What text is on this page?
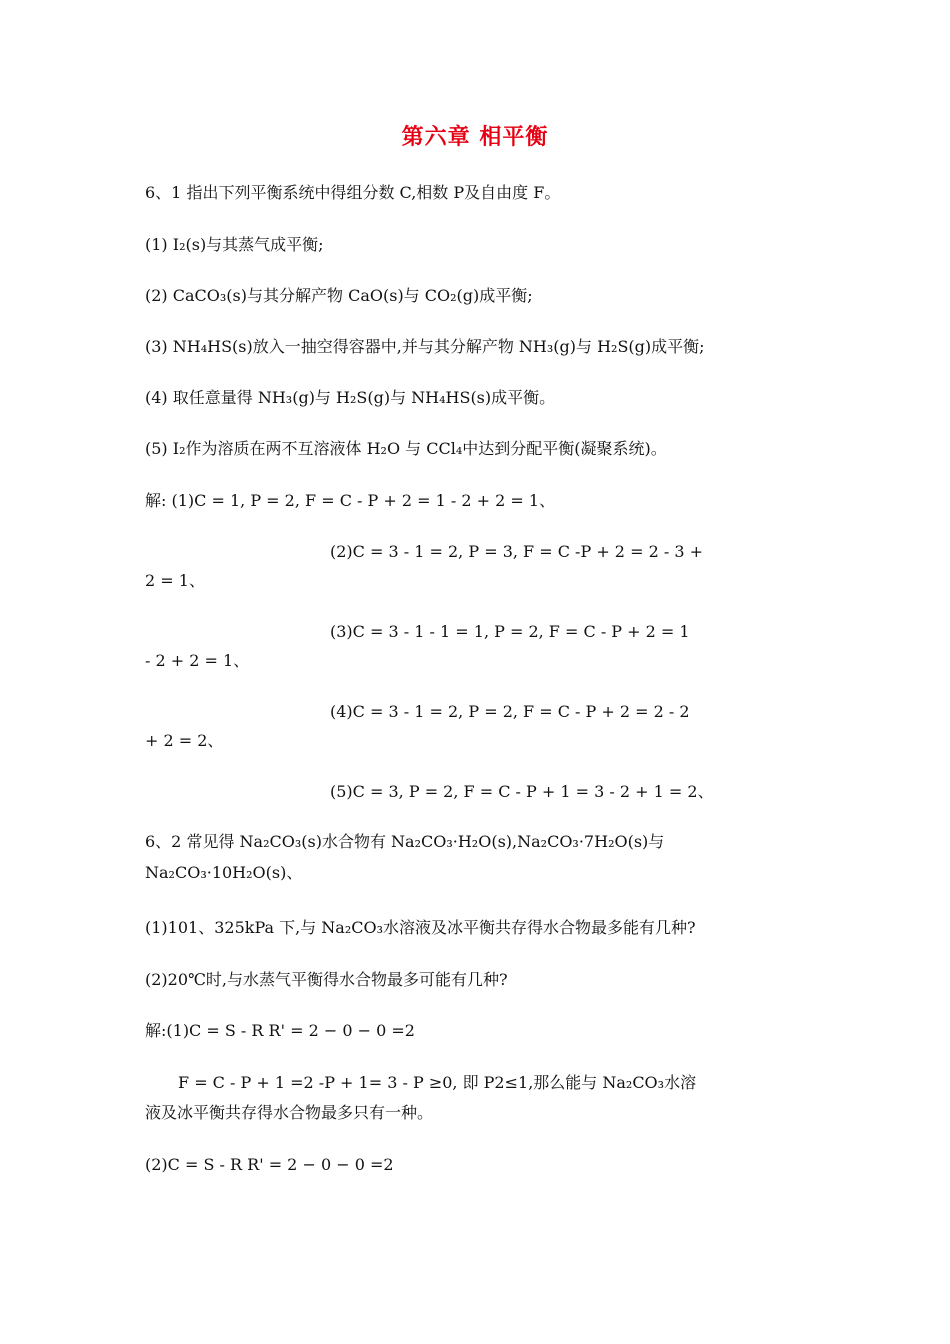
第六章 相平衡
6、1 指出下列平衡系统中得组分数 C,相数 P及自由度 F。
(1) I₂(s)与其蒸气成平衡;
(2) CaCO₃(s)与其分解产物 CaO(s)与 CO₂(g)成平衡;
(3) NH₄HS(s)放入一抽空得容器中,并与其分解产物 NH₃(g)与 H₂S(g)成平衡;
(4) 取任意量得 NH₃(g)与 H₂S(g)与 NH₄HS(s)成平衡。
(5) I₂作为溶质在两不互溶液体 H₂O 与 CCl₄中达到分配平衡(凝聚系统)。
解: (1)C = 1, P = 2, F = C - P + 2 = 1 - 2 + 2 = 1、
(2)C = 3 - 1 = 2, P = 3, F = C -P + 2 = 2 - 3 +
2 = 1、
(3)C = 3 - 1 - 1 = 1, P = 2, F = C - P + 2 = 1
- 2 + 2 = 1、
(4)C = 3 - 1 = 2, P = 2, F = C - P + 2 = 2 - 2
+ 2 = 2、
(5)C = 3, P = 2, F = C - P + 1 = 3 - 2 + 1 = 2、
6、2 常见得 Na₂CO₃(s)水合物有 Na₂CO₃·H₂O(s),Na₂CO₃·7H₂O(s)与
Na₂CO₃·10H₂O(s)、
(1)101、325kPa 下,与 Na₂CO₃水溶液及冰平衡共存得水合物最多能有几种?
(2)20℃时,与水蒸气平衡得水合物最多可能有几种?
解:(1)C = S - R R' = 2 − 0 − 0 =2
F = C - P + 1 =2 -P + 1= 3 - P ≥0, 即 P2≤1,那么能与 Na₂CO₃水溶
液及冰平衡共存得水合物最多只有一种。
(2)C = S - R R' = 2 − 0 − 0 =2
